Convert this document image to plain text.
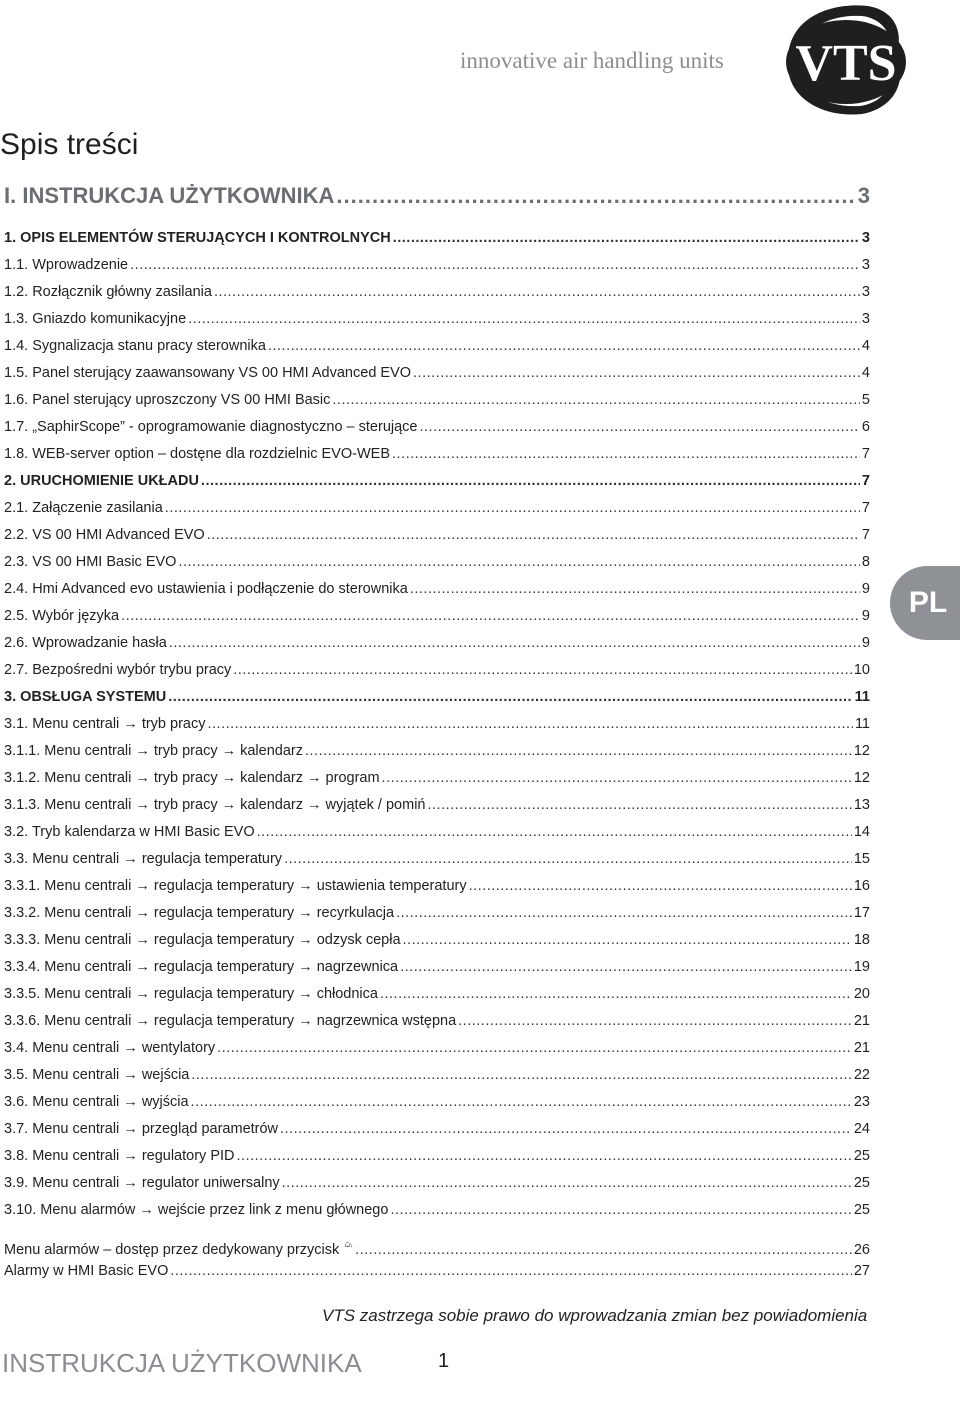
innovative air handling units	VTS
Spis treści
I. INSTRUKCJA UŻYTKOWNIKA .....	3
1. OPIS ELEMENTÓW STERUJĄCYCH I KONTROLNYCH .....	3
1.1. Wprowadzenie .....	3
1.2. Rozłącznik główny zasilania .....	3
1.3. Gniazdo komunikacyjne .....	3
1.4. Sygnalizacja stanu pracy sterownika .....	4
1.5. Panel sterujący zaawansowany VS 00 HMI Advanced EVO .....	4
1.6. Panel sterujący uproszczony VS 00 HMI Basic .....	5
1.7. „SaphirScope” - oprogramowanie diagnostyczno – sterujące .....	6
1.8. WEB-server option – dostęne dla rozdzielnic EVO-WEB .....	7
2. URUCHOMIENIE UKŁADU .....	7
2.1. Załączenie zasilania .....	7
2.2. VS 00 HMI Advanced EVO .....	7
2.3. VS 00 HMI Basic EVO .....	8
2.4. Hmi Advanced evo ustawienia i podłączenie do sterownika .....	9
2.5. Wybór języka .....	9
2.6. Wprowadzanie hasła .....	9
2.7. Bezpośredni wybór trybu pracy .....	10
3. OBSŁUGA SYSTEMU .....	11
3.1. Menu centrali → tryb pracy .....	11
3.1.1. Menu centrali → tryb pracy → kalendarz .....	12
3.1.2. Menu centrali → tryb pracy → kalendarz → program .....	12
3.1.3. Menu centrali → tryb pracy → kalendarz → wyjątek / pomiń .....	13
3.2. Tryb kalendarza w HMI Basic EVO .....	14
3.3. Menu centrali → regulacja temperatury .....	15
3.3.1. Menu centrali → regulacja temperatury → ustawienia temperatury .....	16
3.3.2. Menu centrali → regulacja temperatury → recyrkulacja .....	17
3.3.3. Menu centrali → regulacja temperatury → odzysk cepła .....	18
3.3.4. Menu centrali → regulacja temperatury → nagrzewnica .....	19
3.3.5. Menu centrali → regulacja temperatury → chłodnica .....	20
3.3.6. Menu centrali → regulacja temperatury → nagrzewnica wstępna .....	21
3.4. Menu centrali → wentylatory .....	21
3.5. Menu centrali → wejścia .....	22
3.6. Menu centrali → wyjścia .....	23
3.7. Menu centrali → przegląd parametrów .....	24
3.8. Menu centrali → regulatory PID .....	25
3.9. Menu centrali → regulator uniwersalny .....	25
3.10. Menu alarmów → wejście przez link z menu głównego .....	25
Menu alarmów – dostęp przez dedykowany przycisk .....	26
Alarmy w HMI Basic EVO .....	27
PL
VTS zastrzega sobie prawo do wprowadzania zmian bez powiadomienia
INSTRUKCJA UŻYTKOWNIKA	1
